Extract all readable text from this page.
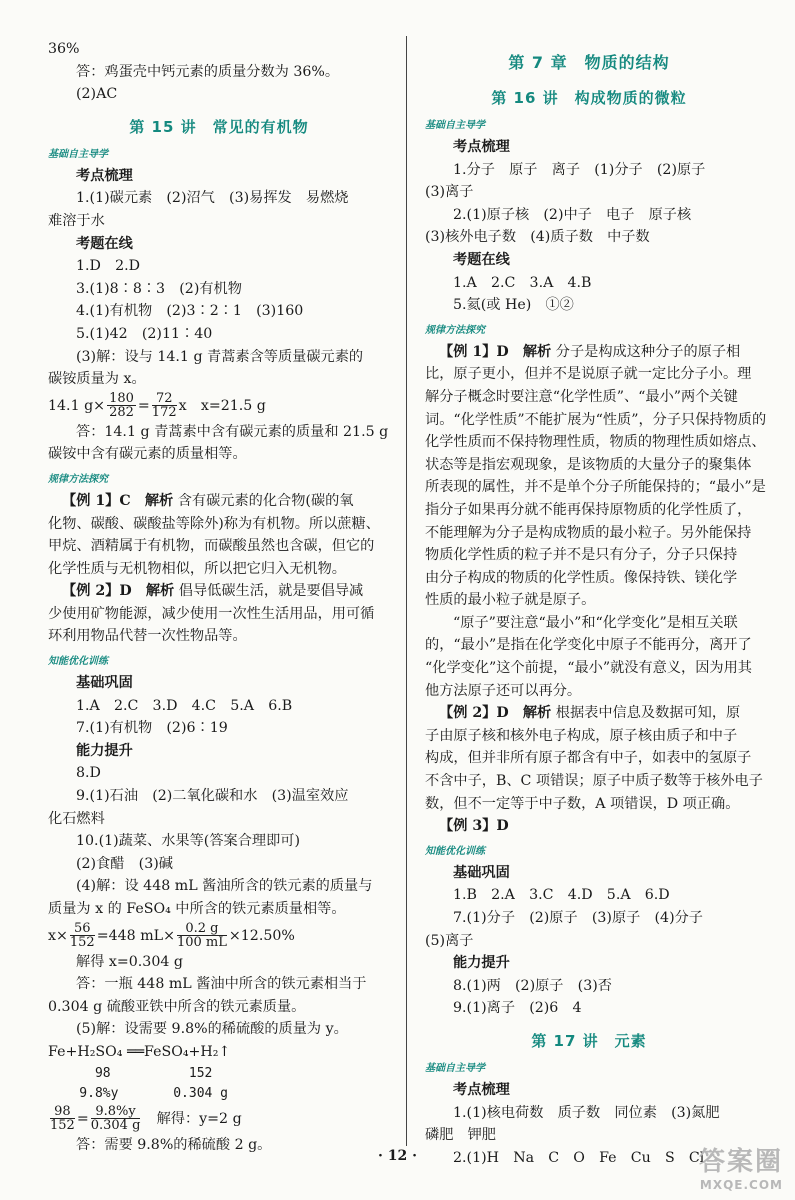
36%
答：鸡蛋壳中钙元素的质量分数为 36%。
(2)AC
第 15 讲　常见的有机物
基础自主导学
考点梳理
1.(1)碳元素　(2)沼气　(3)易挥发　易燃烧
难溶于水
考题在线
1.D　2.D
3.(1)8∶8∶3　(2)有机物
4.(1)有机物　(2)3∶2∶1　(3)160
5.(1)42　(2)11∶40
(3)解：设与 14.1 g 青蒿素含等质量碳元素的
碳铵质量为 x。
14.1 $g\times \frac{180}{282} = \frac{72}{172}$ x　x=21.5 g
答：14.1 g 青蒿素中含有碳元素的质量和 21.5 g
碳铵中含有碳元素的质量相等。
规律方法探究
【例 1】C　解析 含有碳元素的化合物(碳的氧
化物、碳酸、碳酸盐等除外)称为有机物。所以蔗糖、
甲烷、酒精属于有机物，而碳酸虽然也含碳，但它的
化学性质与无机物相似，所以把它归入无机物。
【例 2】D　解析 倡导低碳生活，就是要倡导减
少使用矿物能源，减少使用一次性生活用品，用可循
环利用物品代替一次性物品等。
知能优化训练
基础巩固
1.A　2.C　3.D　4.C　5.A　6.B
7.(1)有机物　(2)6∶19
能力提升
8.D
9.(1)石油　(2)二氧化碳和水　(3)温室效应
化石燃料
10.(1)蔬菜、水果等(答案合理即可)
(2)食醋　(3)碱
(4)解：设 448 mL 酱油所含的铁元素的质量与
质量为 x 的 FeSO₄ 中所含的铁元素质量相等。
$x\times \frac{56}{152} =448$ $mL\times \frac{0.2 g}{100 mL} \times 12.50\%$
解得 x=0.304 g
答：一瓶 448 mL 酱油中所含的铁元素相当于
0.304 g 硫酸亚铁中所含的铁元素质量。
(5)解：设需要 9.8%的稀硫酸的质量为 y。
Fe+H₂SO₄ ══FeSO₄+H₂↑
98          152
9.8%y       0.304 g
$\frac{98}{152} = \frac{9.8\%y}{0.304 g}$ 　解得：y=2 g
答：需要 9.8%的稀硫酸 2 g。
第 7 章　物质的结构
第 16 讲　构成物质的微粒
基础自主导学
考点梳理
1.分子　原子　离子　(1)分子　(2)原子
(3)离子
2.(1)原子核　(2)中子　电子　原子核
(3)核外电子数　(4)质子数　中子数
考题在线
1.A　2.C　3.A　4.B
5.氦(或 He)　①②
规律方法探究
【例 1】D　解析 分子是构成这种分子的原子相
比，原子更小，但并不是说原子就一定比分子小。理
解分子概念时要注意“化学性质”、“最小”两个关键
词。“化学性质”不能扩展为“性质”，分子只保持物质的
化学性质而不保持物理性质，物质的物理性质如熔点、
状态等是指宏观现象，是该物质的大量分子的聚集体
所表现的属性，并不是单个分子所能保持的；“最小”是
指分子如果再分就不能再保持原物质的化学性质了，
不能理解为分子是构成物质的最小粒子。另外能保持
物质化学性质的粒子并不是只有分子，分子只保持
由分子构成的物质的化学性质。像保持铁、镁化学
性质的最小粒子就是原子。
“原子”要注意“最小”和“化学变化”是相互关联
的，“最小”是指在化学变化中原子不能再分，离开了
“化学变化”这个前提，“最小”就没有意义，因为用其
他方法原子还可以再分。
【例 2】D　解析 根据表中信息及数据可知，原
子由原子核和核外电子构成，原子核由质子和中子
构成，但并非所有原子都含有中子，如表中的氢原子
不含中子，B、C 项错误；原子中质子数等于核外电子
数，但不一定等于中子数，A 项错误，D 项正确。
【例 3】D
知能优化训练
基础巩固
1.B　2.A　3.C　4.D　5.A　6.D
7.(1)分子　(2)原子　(3)原子　(4)分子
(5)离子
能力提升
8.(1)两　(2)原子　(3)否
9.(1)离子　(2)6　4
第 17 讲　元素
基础自主导学
考点梳理
1.(1)核电荷数　质子数　同位素　(3)氮肥
磷肥　钾肥
2.(1)H　Na　C　O　Fe　Cu　S　Cl
· 12 ·	答案圈
MXQE.COM
